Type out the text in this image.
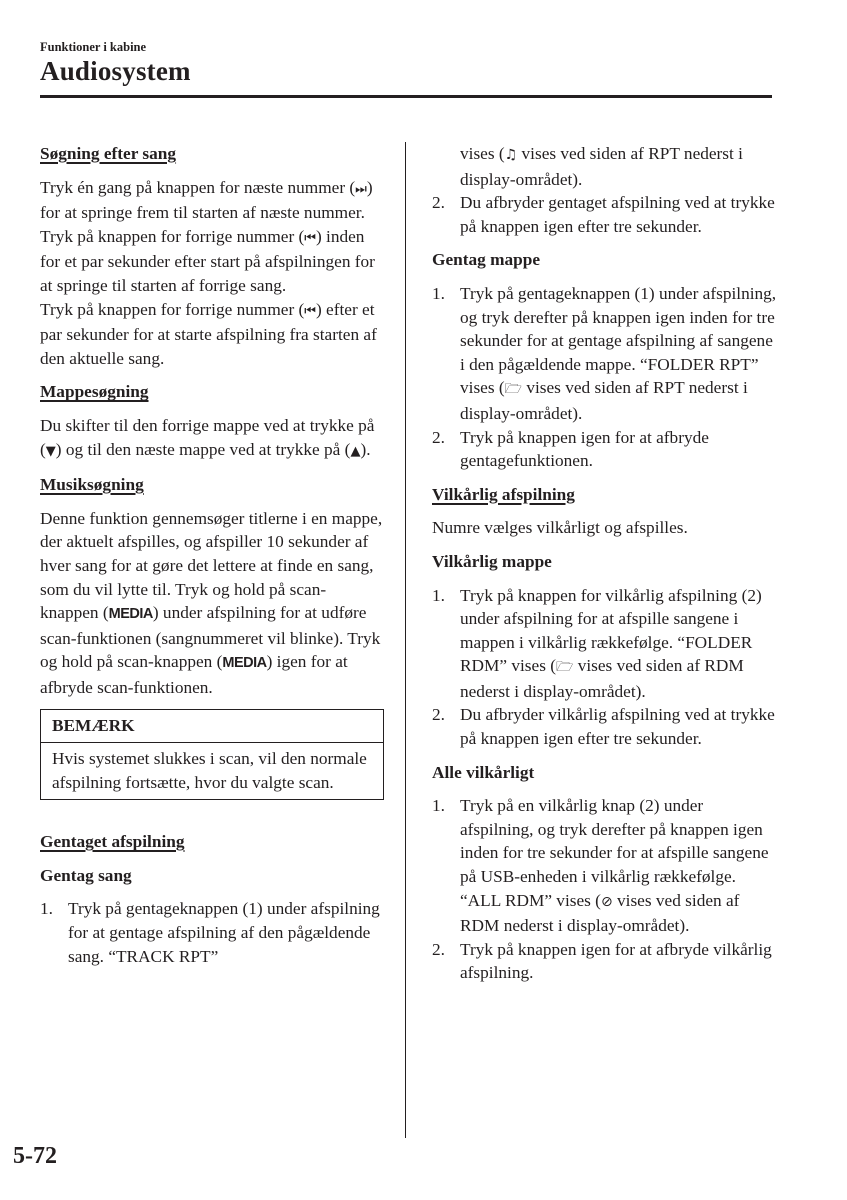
Funktioner i kabine
Audiosystem

Søgning efter sang

Tryk én gang på knappen for næste nummer (⏭) for at springe frem til starten af næste nummer.

Tryk på knappen for forrige nummer (⏮) inden for et par sekunder efter start på afspilningen for at springe til starten af forrige sang.

Tryk på knappen for forrige nummer (⏮) efter et par sekunder for at starte afspilning fra starten af den aktuelle sang.

Mappesøgning

Du skifter til den forrige mappe ved at trykke på (▼) og til den næste mappe ved at trykke på (▲).

Musiksøgning

Denne funktion gennemsøger titlerne i en mappe, der aktuelt afspilles, og afspiller 10 sekunder af hver sang for at gøre det lettere at finde en sang, som du vil lytte til. Tryk og hold på scan-knappen (MEDIA) under afspilning for at udføre scan-funktionen (sangnummeret vil blinke). Tryk og hold på scan-knappen (MEDIA) igen for at afbryde scan-funktionen.

BEMÆRK
Hvis systemet slukkes i scan, vil den normale afspilning fortsætte, hvor du valgte scan.

Gentaget afspilning

Gentag sang

1. Tryk på gentageknappen (1) under afspilning for at gentage afspilning af den pågældende sang. “TRACK RPT”
vises (♫ vises ved siden af RPT nederst i display-området).
2. Du afbryder gentaget afspilning ved at trykke på knappen igen efter tre sekunder.

Gentag mappe

1. Tryk på gentageknappen (1) under afspilning, og tryk derefter på knappen igen inden for tre sekunder for at gentage afspilning af sangene i den pågældende mappe. “FOLDER RPT” vises (🗁 vises ved siden af RPT nederst i display-området).
2. Tryk på knappen igen for at afbryde gentagefunktionen.

Vilkårlig afspilning

Numre vælges vilkårligt og afspilles.

Vilkårlig mappe

1. Tryk på knappen for vilkårlig afspilning (2) under afspilning for at afspille sangene i mappen i vilkårlig rækkefølge. “FOLDER RDM” vises (🗁 vises ved siden af RDM nederst i display-området).
2. Du afbryder vilkårlig afspilning ved at trykke på knappen igen efter tre sekunder.

Alle vilkårligt

1. Tryk på en vilkårlig knap (2) under afspilning, og tryk derefter på knappen igen inden for tre sekunder for at afspille sangene på USB-enheden i vilkårlig rækkefølge. “ALL RDM” vises (⊘ vises ved siden af RDM nederst i display-området).
2. Tryk på knappen igen for at afbryde vilkårlig afspilning.
5-72
